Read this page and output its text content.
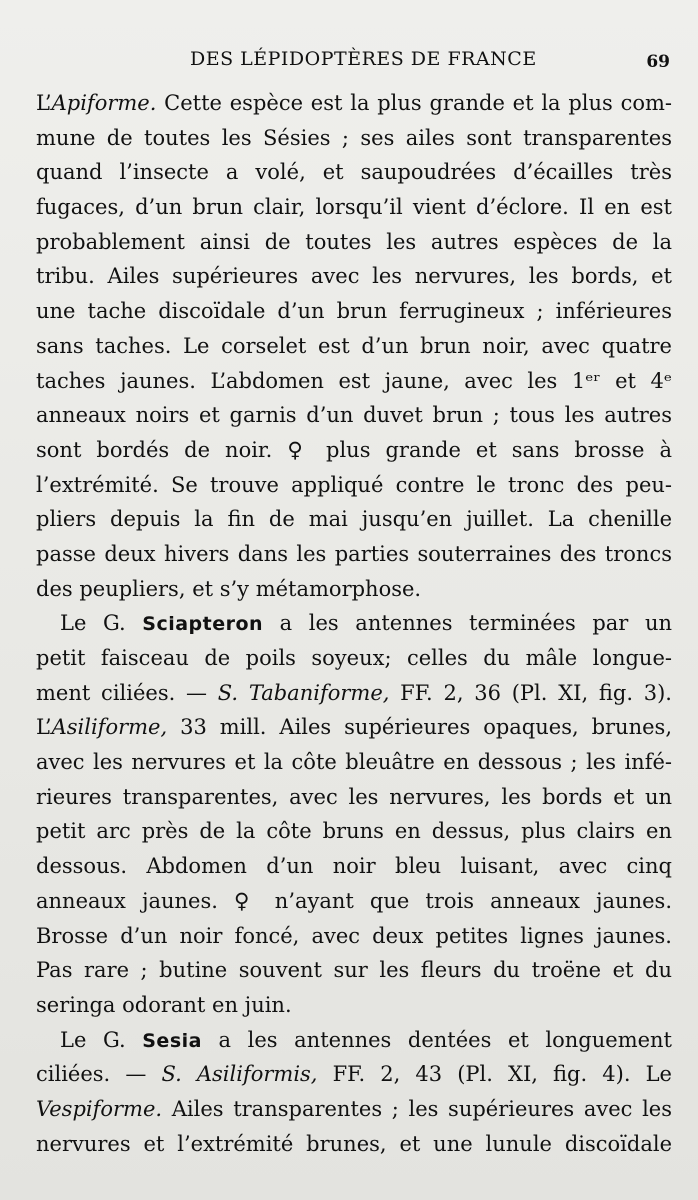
DES LÉPIDOPTÈRES DE FRANCE	69
L’Apiforme. Cette espèce est la plus grande et la plus com-
mune de toutes les Sésies ; ses ailes sont transparentes
quand l’insecte a volé, et saupoudrées d’écailles très
fugaces, d’un brun clair, lorsqu’il vient d’éclore. Il en est
probablement ainsi de toutes les autres espèces de la
tribu. Ailes supérieures avec les nervures, les bords, et
une tache discoïdale d’un brun ferrugineux ; inférieures
sans taches. Le corselet est d’un brun noir, avec quatre
taches jaunes. L’abdomen est jaune, avec les 1ᵉʳ et 4ᵉ
anneaux noirs et garnis d’un duvet brun ; tous les autres
sont bordés de noir. ♀ plus grande et sans brosse à
l’extrémité. Se trouve appliqué contre le tronc des peu-
pliers depuis la fin de mai jusqu’en juillet. La chenille
passe deux hivers dans les parties souterraines des troncs
des peupliers, et s’y métamorphose.
Le G. Sciapteron a les antennes terminées par un
petit faisceau de poils soyeux; celles du mâle longue-
ment ciliées. — S. Tabaniforme, FF. 2, 36 (Pl. XI, fig. 3).
L’Asiliforme, 33 mill. Ailes supérieures opaques, brunes,
avec les nervures et la côte bleuâtre en dessous ; les infé-
rieures transparentes, avec les nervures, les bords et un
petit arc près de la côte bruns en dessus, plus clairs en
dessous. Abdomen d’un noir bleu luisant, avec cinq
anneaux jaunes. ♀ n’ayant que trois anneaux jaunes.
Brosse d’un noir foncé, avec deux petites lignes jaunes.
Pas rare ; butine souvent sur les fleurs du troëne et du
seringa odorant en juin.
Le G. Sesia a les antennes dentées et longuement
ciliées. — S. Asiliformis, FF. 2, 43 (Pl. XI, fig. 4). Le
Vespiforme. Ailes transparentes ; les supérieures avec les
nervures et l’extrémité brunes, et une lunule discoïdale
